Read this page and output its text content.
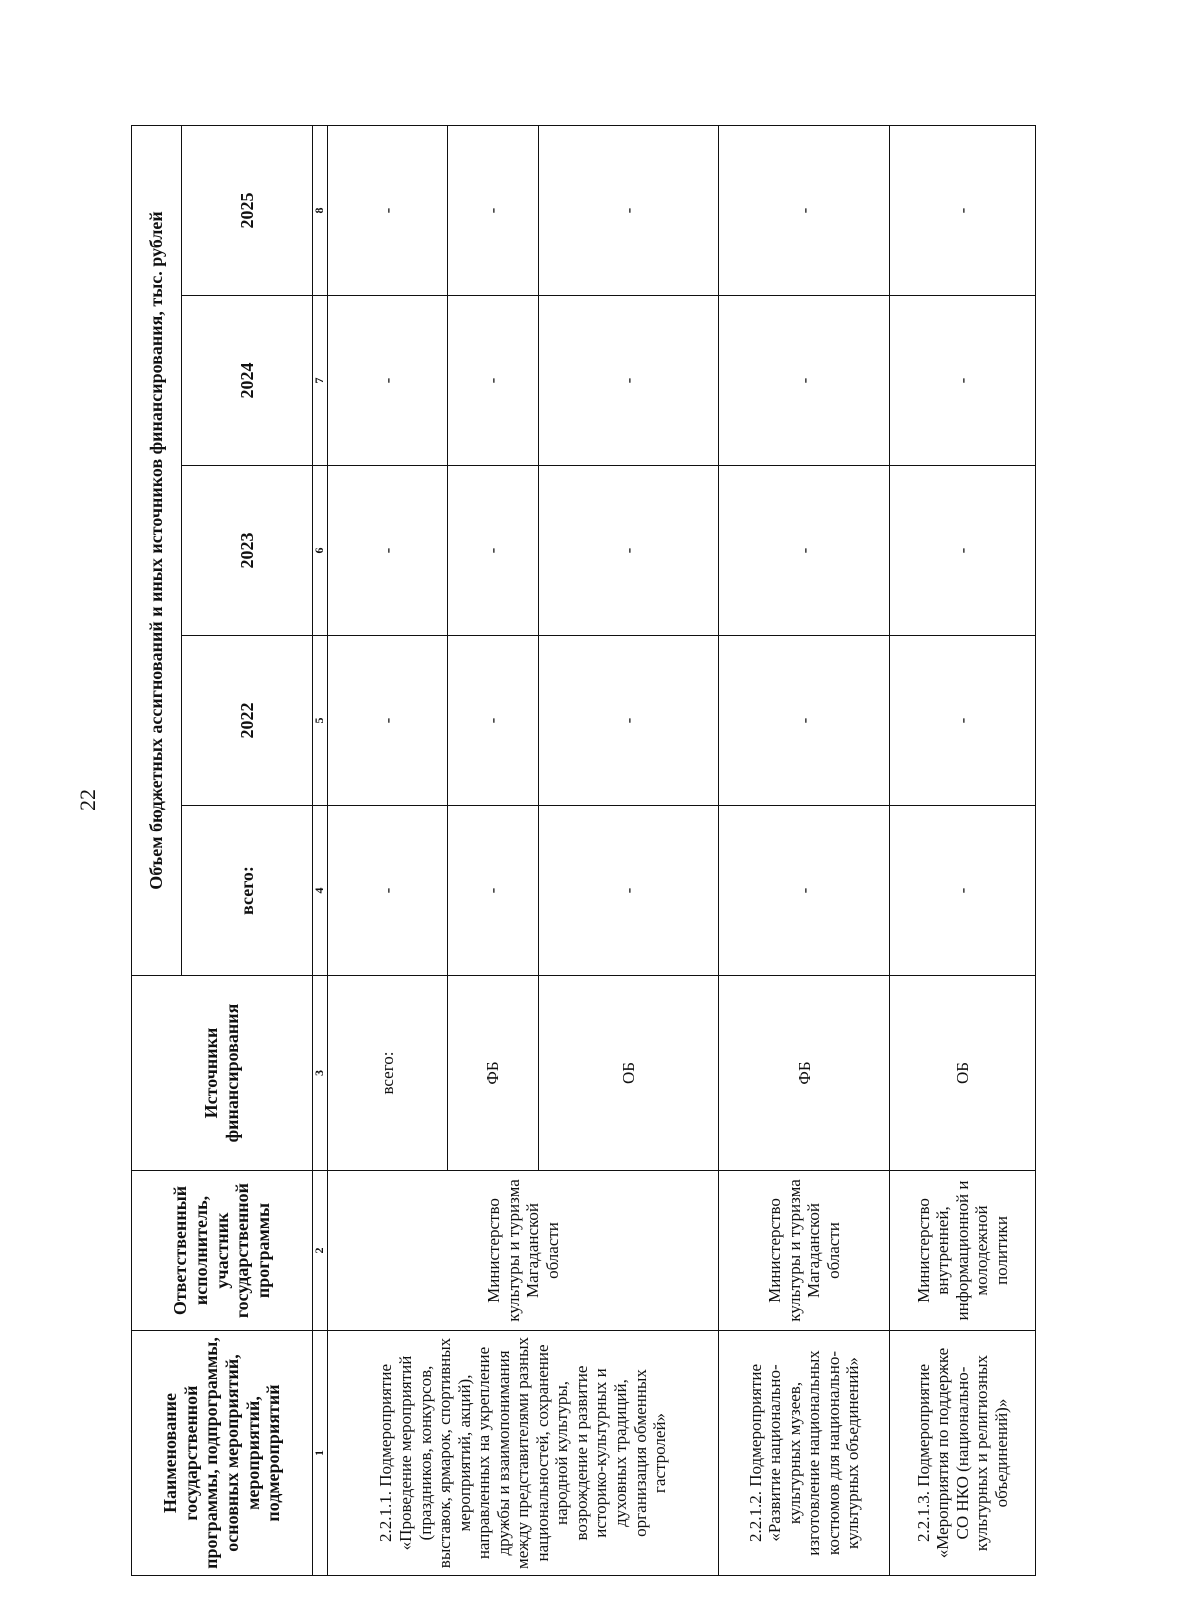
22
Наименование государственной программы, подпрограммы, основных мероприятий, мероприятий, подмероприятий	Ответственный исполнитель, участник государственной программы	Источники финансирования	Объем бюджетных ассигнований и иных источников финансирования, тыс. рублей				
			всего:	2022	2023	2024	2025
1	2	3	4	5	6	7	8
2.2.1.1. Подмероприятие «Проведение мероприятий (праздников, конкурсов, выставок, ярмарок, спортивных мероприятий, акций), направленных на укрепление дружбы и взаимопонимания между представителями разных национальностей, сохранение народной культуры, возрождение и развитие историко-культурных и духовных традиций, организация обменных гастролей»	Министерство культуры и туризма Магаданской области	всего:	-	-	-	-	-
		ФБ	-	-	-	-	-
		ОБ	-	-	-	-	-
2.2.1.2. Подмероприятие «Развитие национально-культурных музеев, изготовление национальных костюмов для национально-культурных объединений»	Министерство культуры и туризма Магаданской области	ФБ	-	-	-	-	-
2.2.1.3. Подмероприятие «Мероприятия по поддержке СО НКО (национально-культурных и религиозных объединений)»	Министерство внутренней, информационной и молодежной политики	ОБ	-	-	-	-	-
